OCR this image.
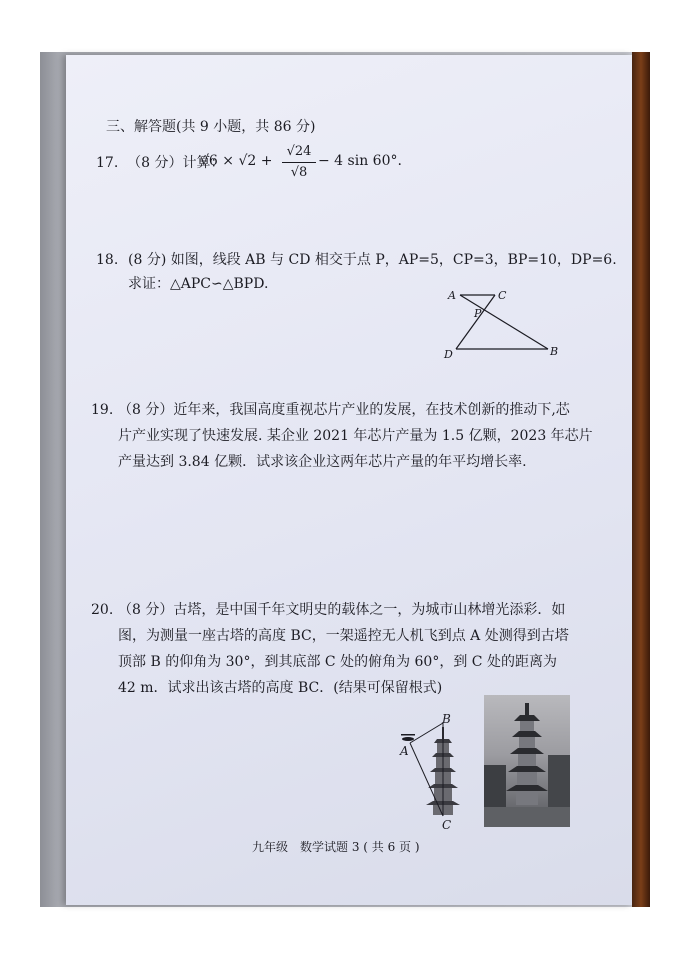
三、解答题(共 9 小题，共 86 分)
17. （8 分）计算：
√6 × √2 +
√24
√8
− 4 sin 60°.
18. (8 分) 如图，线段 AB 与 CD 相交于点 P，AP=5，CP=3，BP=10，DP=6.
求证：△APC∽△BPD.
A	C
P
D	B
19. （8 分）近年来，我国高度重视芯片产业的发展，在技术创新的推动下,芯
片产业实现了快速发展. 某企业 2021 年芯片产量为 1.5 亿颗，2023 年芯片
产量达到 3.84 亿颗．试求该企业这两年芯片产量的年平均增长率.
20. （8 分）古塔，是中国千年文明史的载体之一，为城市山林增光添彩．如
图，为测量一座古塔的高度 BC，一架遥控无人机飞到点 A 处测得到古塔
顶部 B 的仰角为 30°，到其底部 C 处的俯角为 60°，到 C 处的距离为
42 m．试求出该古塔的高度 BC．(结果可保留根式)
B
A
C
九年级　数学试题 3 ( 共 6 页 )
